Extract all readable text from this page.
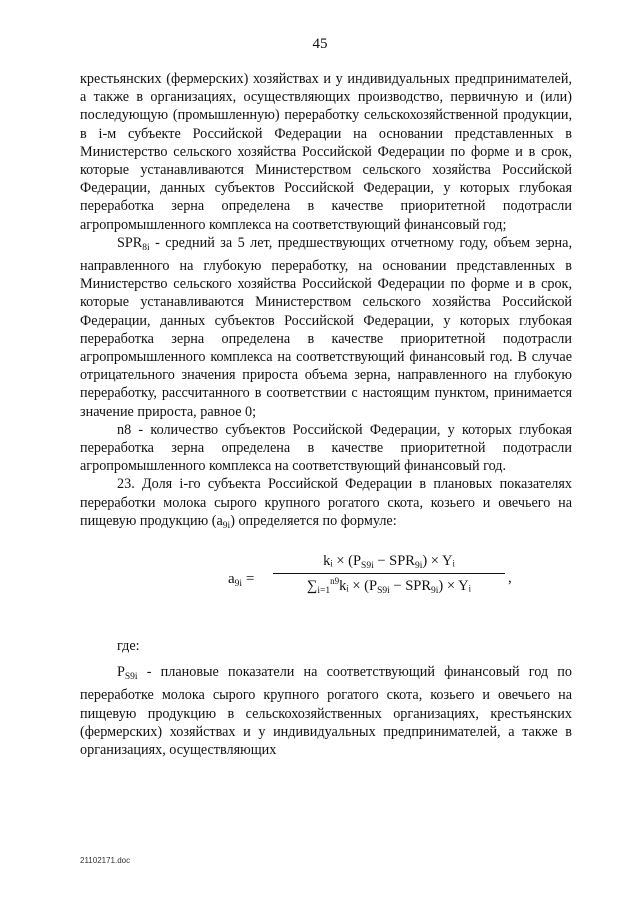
45

крестьянских (фермерских) хозяйствах и у индивидуальных предпринимателей, а также в организациях, осуществляющих производство, первичную и (или) последующую (промышленную) переработку сельскохозяйственной продукции, в i-м субъекте Российской Федерации на основании представленных в Министерство сельского хозяйства Российской Федерации по форме и в срок, которые устанавливаются Министерством сельского хозяйства Российской Федерации, данных субъектов Российской Федерации, у которых глубокая переработка зерна определена в качестве приоритетной подотрасли агропромышленного комплекса на соответствующий финансовый год;

$SPR_{8i}$ - средний за 5 лет, предшествующих отчетному году, объем зерна, направленного на глубокую переработку, на основании представленных в Министерство сельского хозяйства Российской Федерации по форме и в срок, которые устанавливаются Министерством сельского хозяйства Российской Федерации, данных субъектов Российской Федерации, у которых глубокая переработка зерна определена в качестве приоритетной подотрасли агропромышленного комплекса на соответствующий финансовый год. В случае отрицательного значения прироста объема зерна, направленного на глубокую переработку, рассчитанного в соответствии с настоящим пунктом, принимается значение прироста, равное 0;

n8 - количество субъектов Российской Федерации, у которых глубокая переработка зерна определена в качестве приоритетной подотрасли агропромышленного комплекса на соответствующий финансовый год.

23. Доля i-го субъекта Российской Федерации в плановых показателях переработки молока сырого крупного рогатого скота, козьего и овечьего на пищевую продукцию $(a_{9i})$ определяется по формуле:

$a_{9i}$ =
kᵢ × $(P_{S9i} - SPR_{9i})$ × Yᵢ
$\sum_{i=1}^{n9}kᵢ \times (P_{S9i} - SPR_{9i})$ × Yᵢ	,

где:

$P_{S9i}$ - плановые показатели на соответствующий финансовый год по переработке молока сырого крупного рогатого скота, козьего и овечьего на пищевую продукцию в сельскохозяйственных организациях, крестьянских (фермерских) хозяйствах и у индивидуальных предпринимателей, а также в организациях, осуществляющих

21102171.doc
